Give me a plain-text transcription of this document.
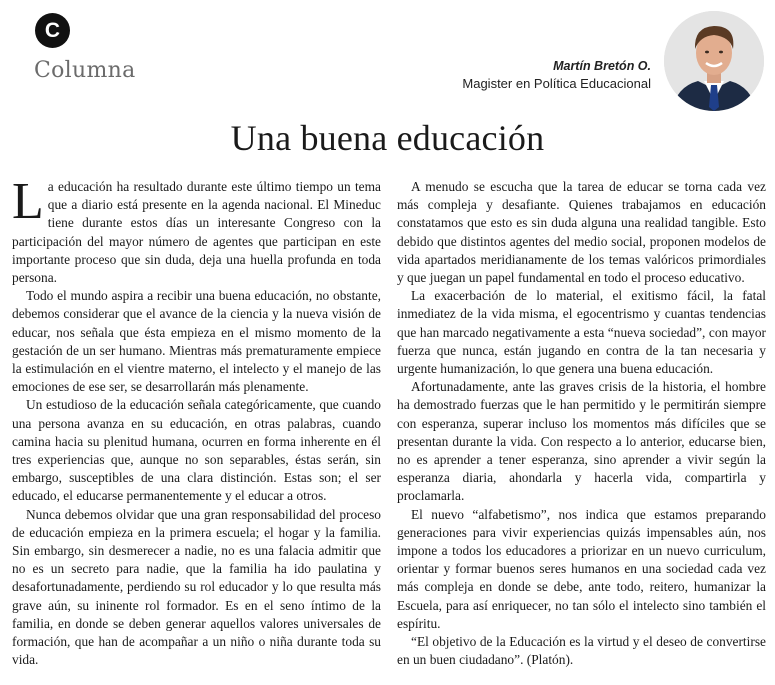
C
Columna	Martín Bretón O.
Magister en Política Educacional
Una buena educación

La educación ha resultado durante este último tiempo un tema que a diario está presente en la agenda nacional. El Mineduc tiene durante estos días un interesante Congreso con la participación del mayor número de agentes que participan en este importante proceso que sin duda, deja una huella profunda en toda persona.

Todo el mundo aspira a recibir una buena educación, no obstante, debemos considerar que el avance de la ciencia y la nueva visión de educar, nos señala que ésta empieza en el mismo momento de la gestación de un ser humano. Mientras más prematuramente empiece la estimulación en el vientre materno, el intelecto y el manejo de las emociones de ese ser, se desarrollarán más plenamente.

Un estudioso de la educación señala categóricamente, que cuando una persona avanza en su educación, en otras palabras, cuando camina hacia su plenitud humana, ocurren en forma inherente en él tres experiencias que, aunque no son separables, éstas serán, sin embargo, susceptibles de una clara distinción. Estas son; el ser educado, el educarse permanentemente y el educar a otros.

Nunca debemos olvidar que una gran responsabilidad del proceso de educación empieza en la primera escuela; el hogar y la familia. Sin embargo, sin desmerecer a nadie, no es una falacia admitir que no es un secreto para nadie, que la familia ha ido paulatina y desafortunadamente, perdiendo su rol educador y lo que resulta más grave aún, su ininente rol formador. Es en el seno íntimo de la familia, en donde se deben generar aquellos valores universales de formación, que han de acompañar a un niño o niña durante toda su vida.

A menudo se escucha que la tarea de educar se torna cada vez más compleja y desafiante. Quienes trabajamos en educación constatamos que esto es sin duda alguna una realidad tangible. Esto debido que distintos agentes del medio social, proponen modelos de vida apartados meridianamente de los temas valóricos primordiales y que juegan un papel fundamental en todo el proceso educativo.

La exacerbación de lo material, el exitismo fácil, la fatal inmediatez de la vida misma, el egocentrismo y cuantas tendencias que han marcado negativamente a esta “nueva sociedad”, con mayor fuerza que nunca, están jugando en contra de la tan necesaria y urgente humanización, lo que genera una buena educación.

Afortunadamente, ante las graves crisis de la historia, el hombre ha demostrado fuerzas que le han permitido y le permitirán siempre con esperanza, superar incluso los momentos más difíciles que se presentan durante la vida. Con respecto a lo anterior, educarse bien, no es aprender a tener esperanza, sino aprender a vivir según la esperanza diaria, ahondarla y hacerla vida, compartirla y proclamarla.

El nuevo “alfabetismo”, nos indica que estamos preparando generaciones para vivir experiencias quizás impensables aún, nos impone a todos los educadores a priorizar en un nuevo curriculum, orientar y formar buenos seres humanos en una sociedad cada vez más compleja en donde se debe, ante todo, reitero, humanizar la Escuela, para así enriquecer, no tan sólo el intelecto sino también el espíritu.

“El objetivo de la Educación es la virtud y el deseo de convertirse en un buen ciudadano”. (Platón).
